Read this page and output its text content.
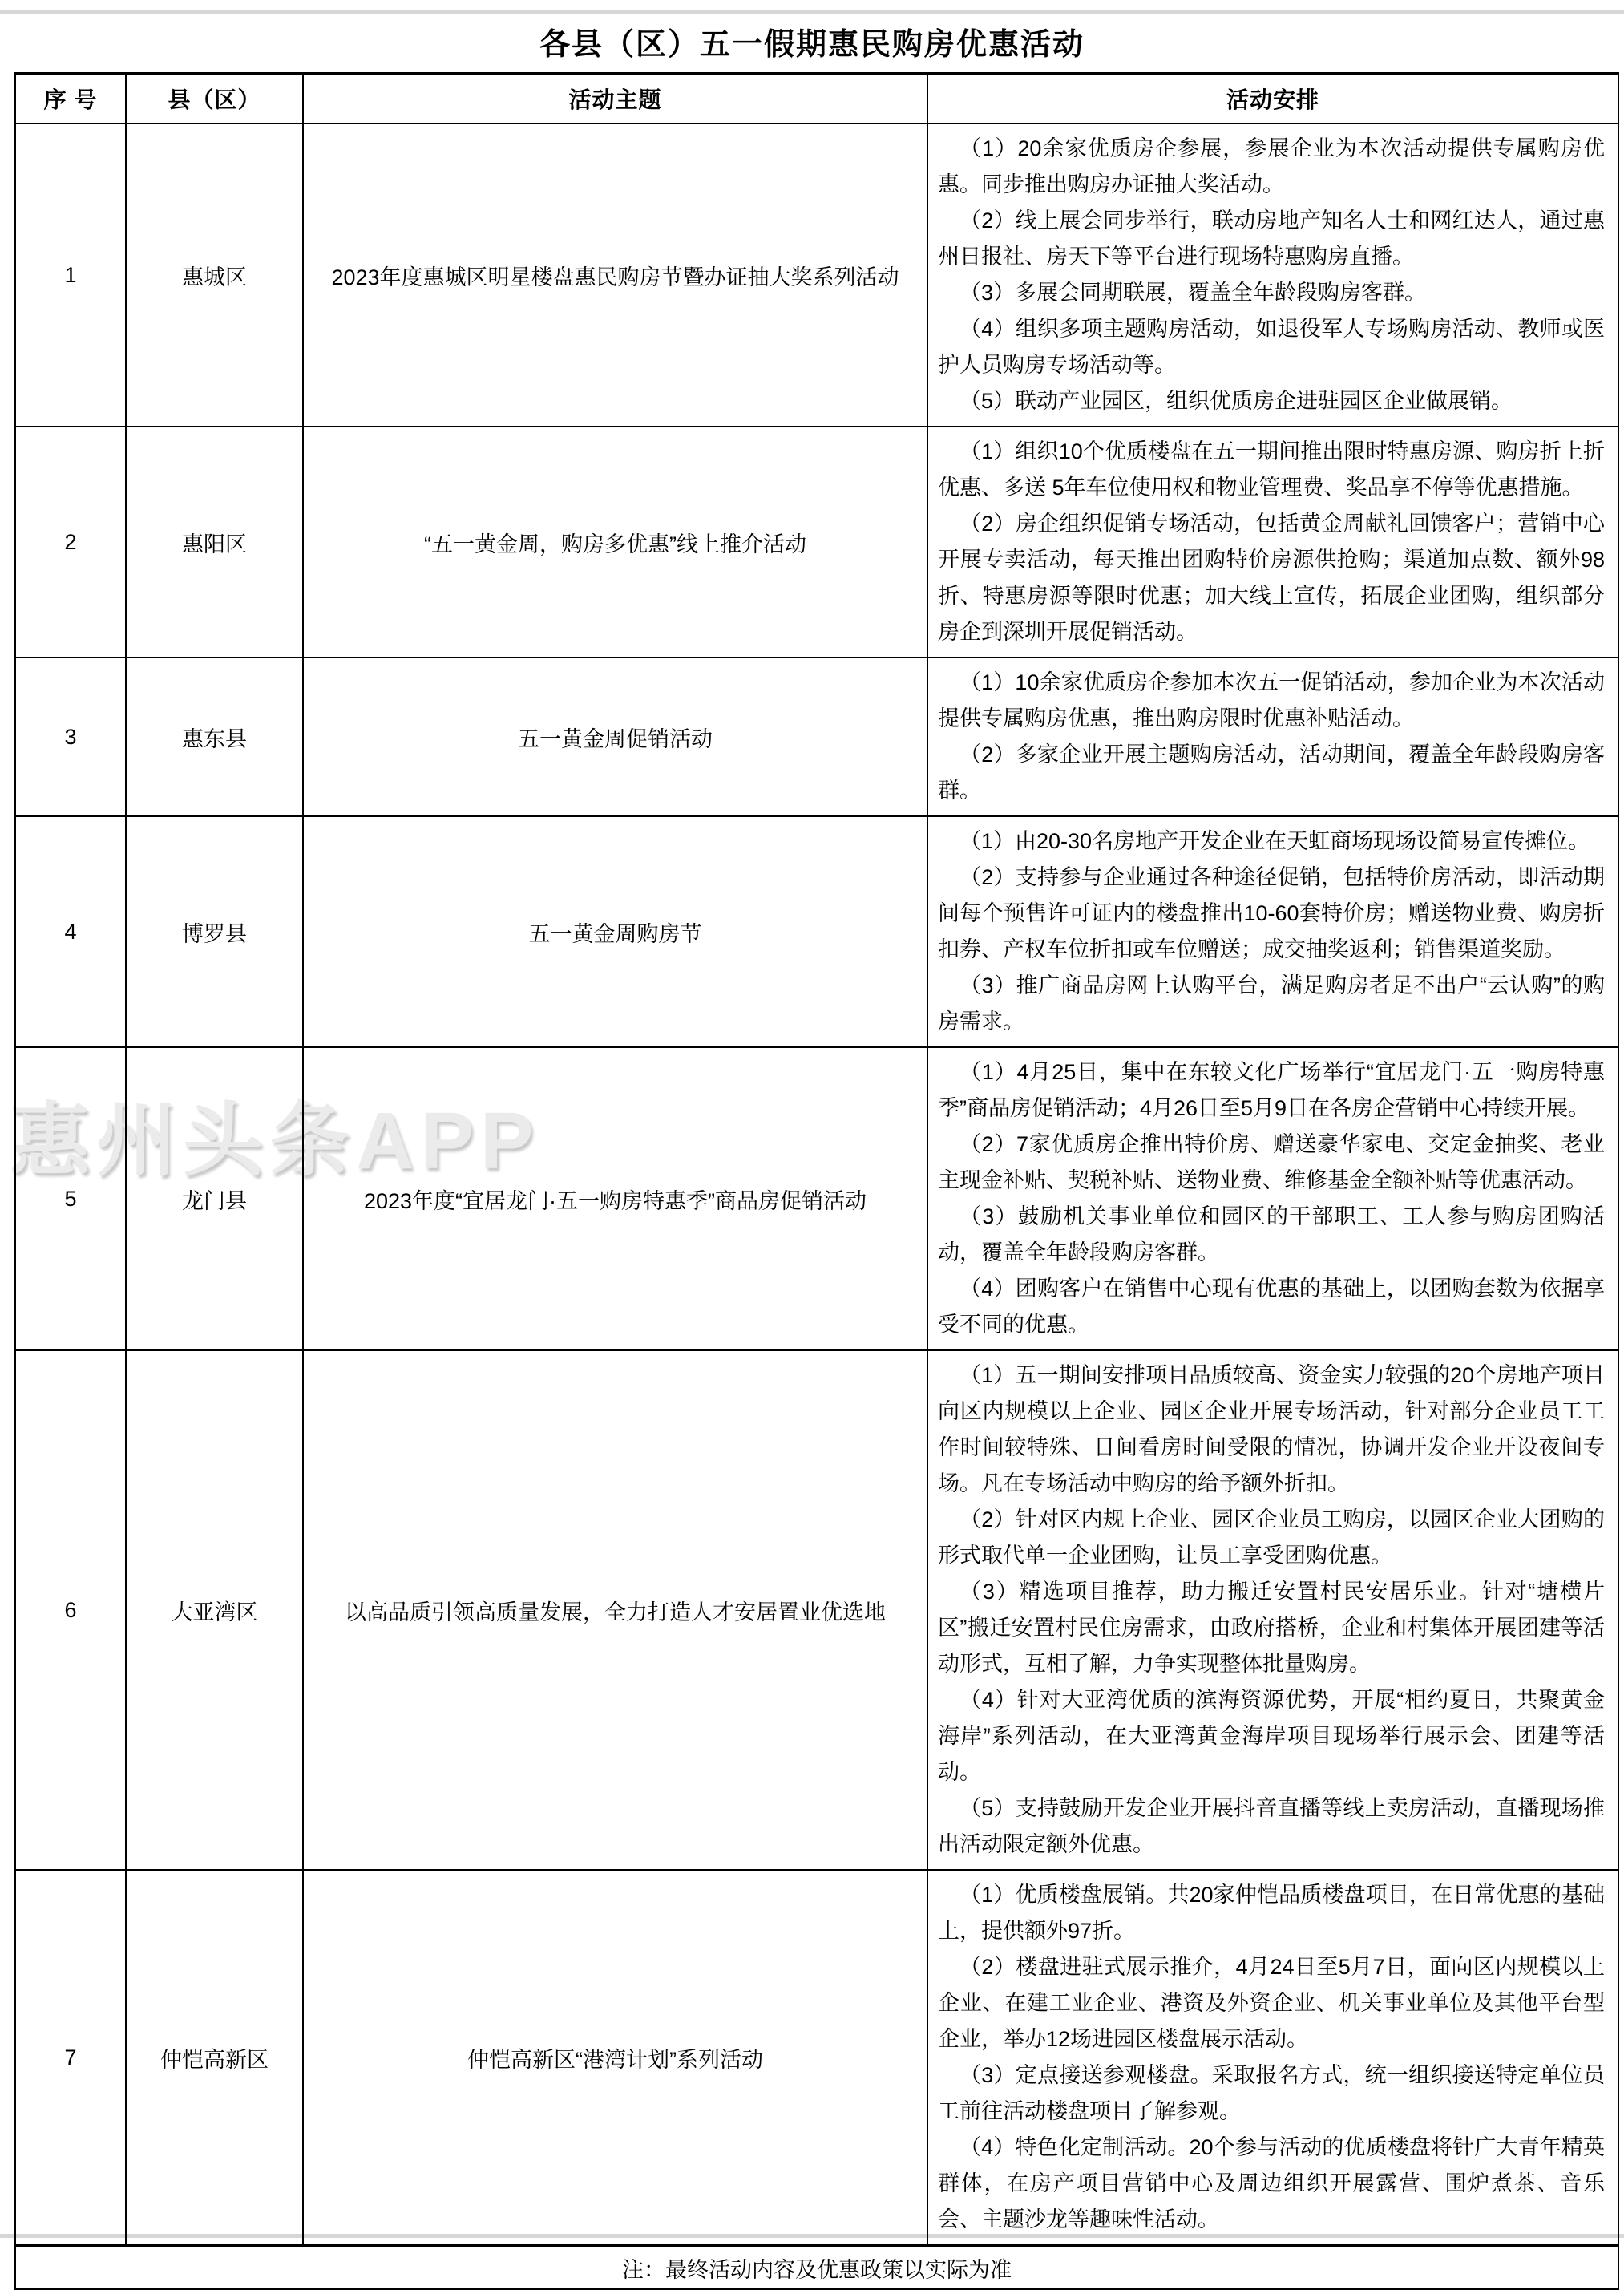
各县（区）五一假期惠民购房优惠活动
惠州头条APP
序 号	县（区）	活动主题	活动安排
1	惠城区	2023年度惠城区明星楼盘惠民购房节暨办证抽大奖系列活动	（1）20余家优质房企参展，参展企业为本次活动提供专属购房优惠。同步推出购房办证抽大奖活动。

（2）线上展会同步举行，联动房地产知名人士和网红达人，通过惠州日报社、房天下等平台进行现场特惠购房直播。

（3）多展会同期联展，覆盖全年龄段购房客群。

（4）组织多项主题购房活动，如退役军人专场购房活动、教师或医护人员购房专场活动等。

（5）联动产业园区，组织优质房企进驻园区企业做展销。

2	惠阳区	“五一黄金周，购房多优惠”线上推介活动	（1）组织10个优质楼盘在五一期间推出限时特惠房源、购房折上折优惠、多送 5年车位使用权和物业管理费、奖品享不停等优惠措施。

（2）房企组织促销专场活动，包括黄金周献礼回馈客户；营销中心开展专卖活动，每天推出团购特价房源供抢购；渠道加点数、额外98折、特惠房源等限时优惠；加大线上宣传，拓展企业团购，组织部分房企到深圳开展促销活动。

3	惠东县	五一黄金周促销活动	（1）10余家优质房企参加本次五一促销活动，参加企业为本次活动提供专属购房优惠，推出购房限时优惠补贴活动。

（2）多家企业开展主题购房活动，活动期间，覆盖全年龄段购房客群。

4	博罗县	五一黄金周购房节	（1）由20-30名房地产开发企业在天虹商场现场设简易宣传摊位。

（2）支持参与企业通过各种途径促销，包括特价房活动，即活动期间每个预售许可证内的楼盘推出10-60套特价房；赠送物业费、购房折扣券、产权车位折扣或车位赠送；成交抽奖返利；销售渠道奖励。

（3）推广商品房网上认购平台，满足购房者足不出户“云认购”的购房需求。

5	龙门县	2023年度“宜居龙门·五一购房特惠季”商品房促销活动	（1）4月25日，集中在东较文化广场举行“宜居龙门·五一购房特惠季”商品房促销活动；4月26日至5月9日在各房企营销中心持续开展。

（2）7家优质房企推出特价房、赠送豪华家电、交定金抽奖、老业主现金补贴、契税补贴、送物业费、维修基金全额补贴等优惠活动。

（3）鼓励机关事业单位和园区的干部职工、工人参与购房团购活动，覆盖全年龄段购房客群。

（4）团购客户在销售中心现有优惠的基础上，以团购套数为依据享受不同的优惠。

6	大亚湾区	以高品质引领高质量发展，全力打造人才安居置业优选地	（1）五一期间安排项目品质较高、资金实力较强的20个房地产项目向区内规模以上企业、园区企业开展专场活动，针对部分企业员工工作时间较特殊、日间看房时间受限的情况，协调开发企业开设夜间专场。凡在专场活动中购房的给予额外折扣。

（2）针对区内规上企业、园区企业员工购房，以园区企业大团购的形式取代单一企业团购，让员工享受团购优惠。

（3）精选项目推荐，助力搬迁安置村民安居乐业。针对“塘横片区”搬迁安置村民住房需求，由政府搭桥，企业和村集体开展团建等活动形式，互相了解，力争实现整体批量购房。

（4）针对大亚湾优质的滨海资源优势，开展“相约夏日，共聚黄金海岸”系列活动，在大亚湾黄金海岸项目现场举行展示会、团建等活动。

（5）支持鼓励开发企业开展抖音直播等线上卖房活动，直播现场推出活动限定额外优惠。

7	仲恺高新区	仲恺高新区“港湾计划”系列活动	（1）优质楼盘展销。共20家仲恺品质楼盘项目，在日常优惠的基础上，提供额外97折。

（2）楼盘进驻式展示推介，4月24日至5月7日，面向区内规模以上企业、在建工业企业、港资及外资企业、机关事业单位及其他平台型企业，举办12场进园区楼盘展示活动。

（3）定点接送参观楼盘。采取报名方式，统一组织接送特定单位员工前往活动楼盘项目了解参观。

（4）特色化定制活动。20个参与活动的优质楼盘将针广大青年精英群体，在房产项目营销中心及周边组织开展露营、围炉煮茶、音乐会、主题沙龙等趣味性活动。

注：最终活动内容及优惠政策以实际为准			
